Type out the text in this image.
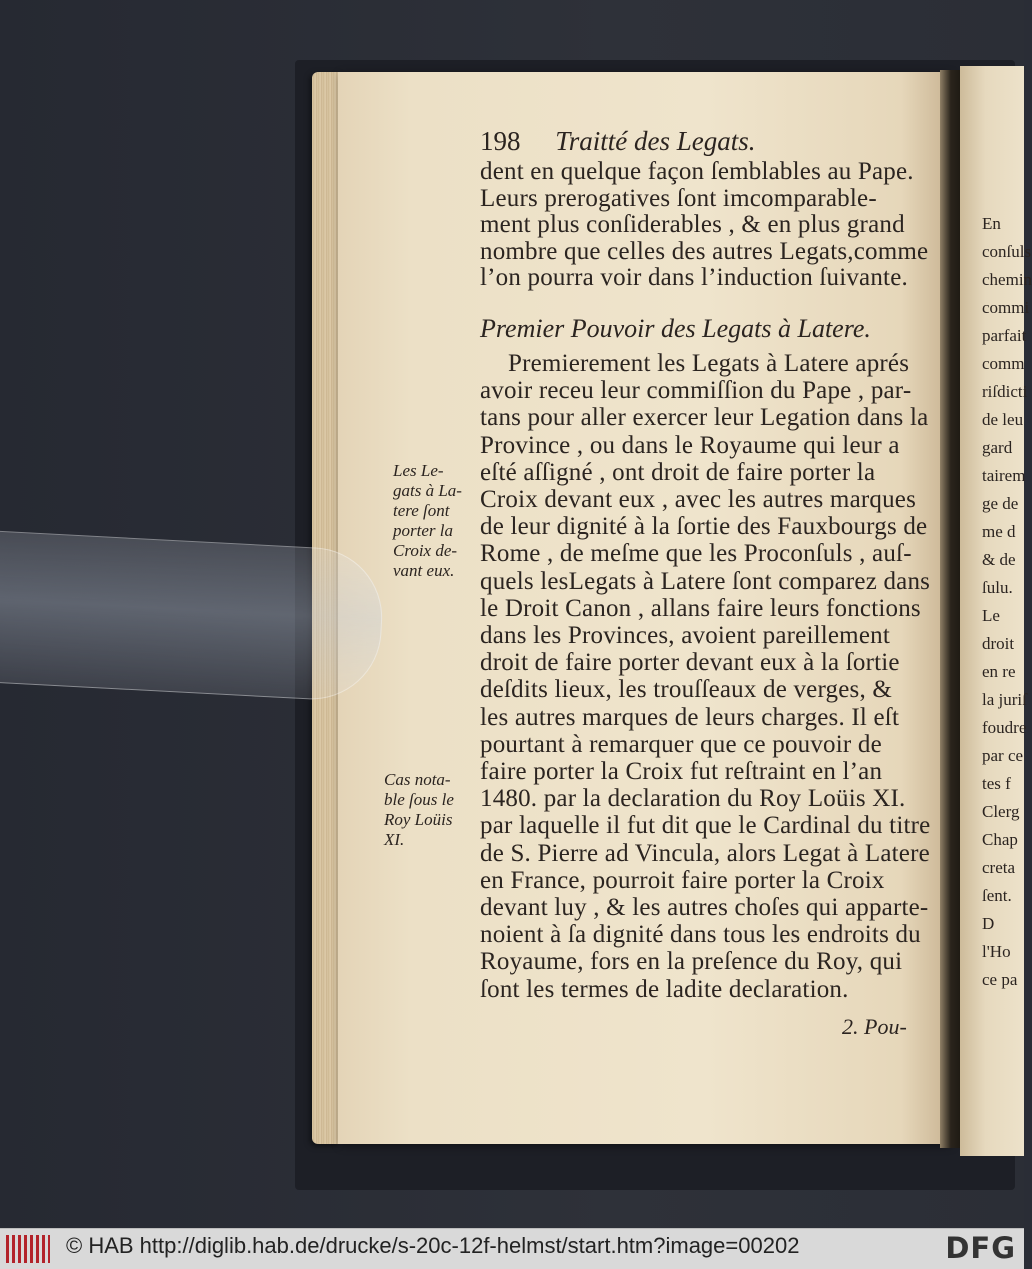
En
conſuls
chemin
commi
parfait
comm
riſdicti
de leu
gard
tairem
ge de
me d
& de
ſulu.
Le
droit
en re
la juriſ
foudre
par ce
tes f
Clerg
Chap
creta
ſent.
D
l'Ho
ce pa
198 Traitté des Legats.
dent en quelque façon ſemblables au Pape.
Leurs prerogatives ſont imcomparable-
ment plus conſiderables , & en plus grand
nombre que celles des autres Legats,comme
l’on pourra voir dans l’induction ſuivante.
Premierement les Legats à Latere aprés
avoir receu leur commiſſion du Pape , par-
tans pour aller exercer leur Legation dans la
Province , ou dans le Royaume qui leur a
eſté aſſigné , ont droit de faire porter la
Croix devant eux , avec les autres marques
de leur dignité à la ſortie des Fauxbourgs de
Rome , de meſme que les Proconſuls , auſ-
quels lesLegats à Latere ſont comparez dans
le Droit Canon , allans faire leurs fonctions
dans les Provinces, avoient pareillement
droit de faire porter devant eux à la ſortie
deſdits lieux, les trouſſeaux de verges, &
les autres marques de leurs charges. Il eſt
pourtant à remarquer que ce pouvoir de
faire porter la Croix fut reſtraint en l’an
1480. par la declaration du Roy Loüis XI.
par laquelle il fut dit que le Cardinal du titre
de S. Pierre ad Vincula, alors Legat à Latere
en France, pourroit faire porter la Croix
devant luy , & les autres choſes qui apparte-
noient à ſa dignité dans tous les endroits du
Royaume, fors en la preſence du Roy, qui
ſont les termes de ladite declaration.
Premier Pouvoir des Legats à Latere.
Les Le-
gats à La-
tere ſont
porter la
Croix de-
vant eux.
Cas nota-
ble ſous le
Roy Loüis
XI.
2. Pou-
© HAB http://diglib.hab.de/drucke/s-20c-12f-helmst/start.htm?image=00202	DFG
